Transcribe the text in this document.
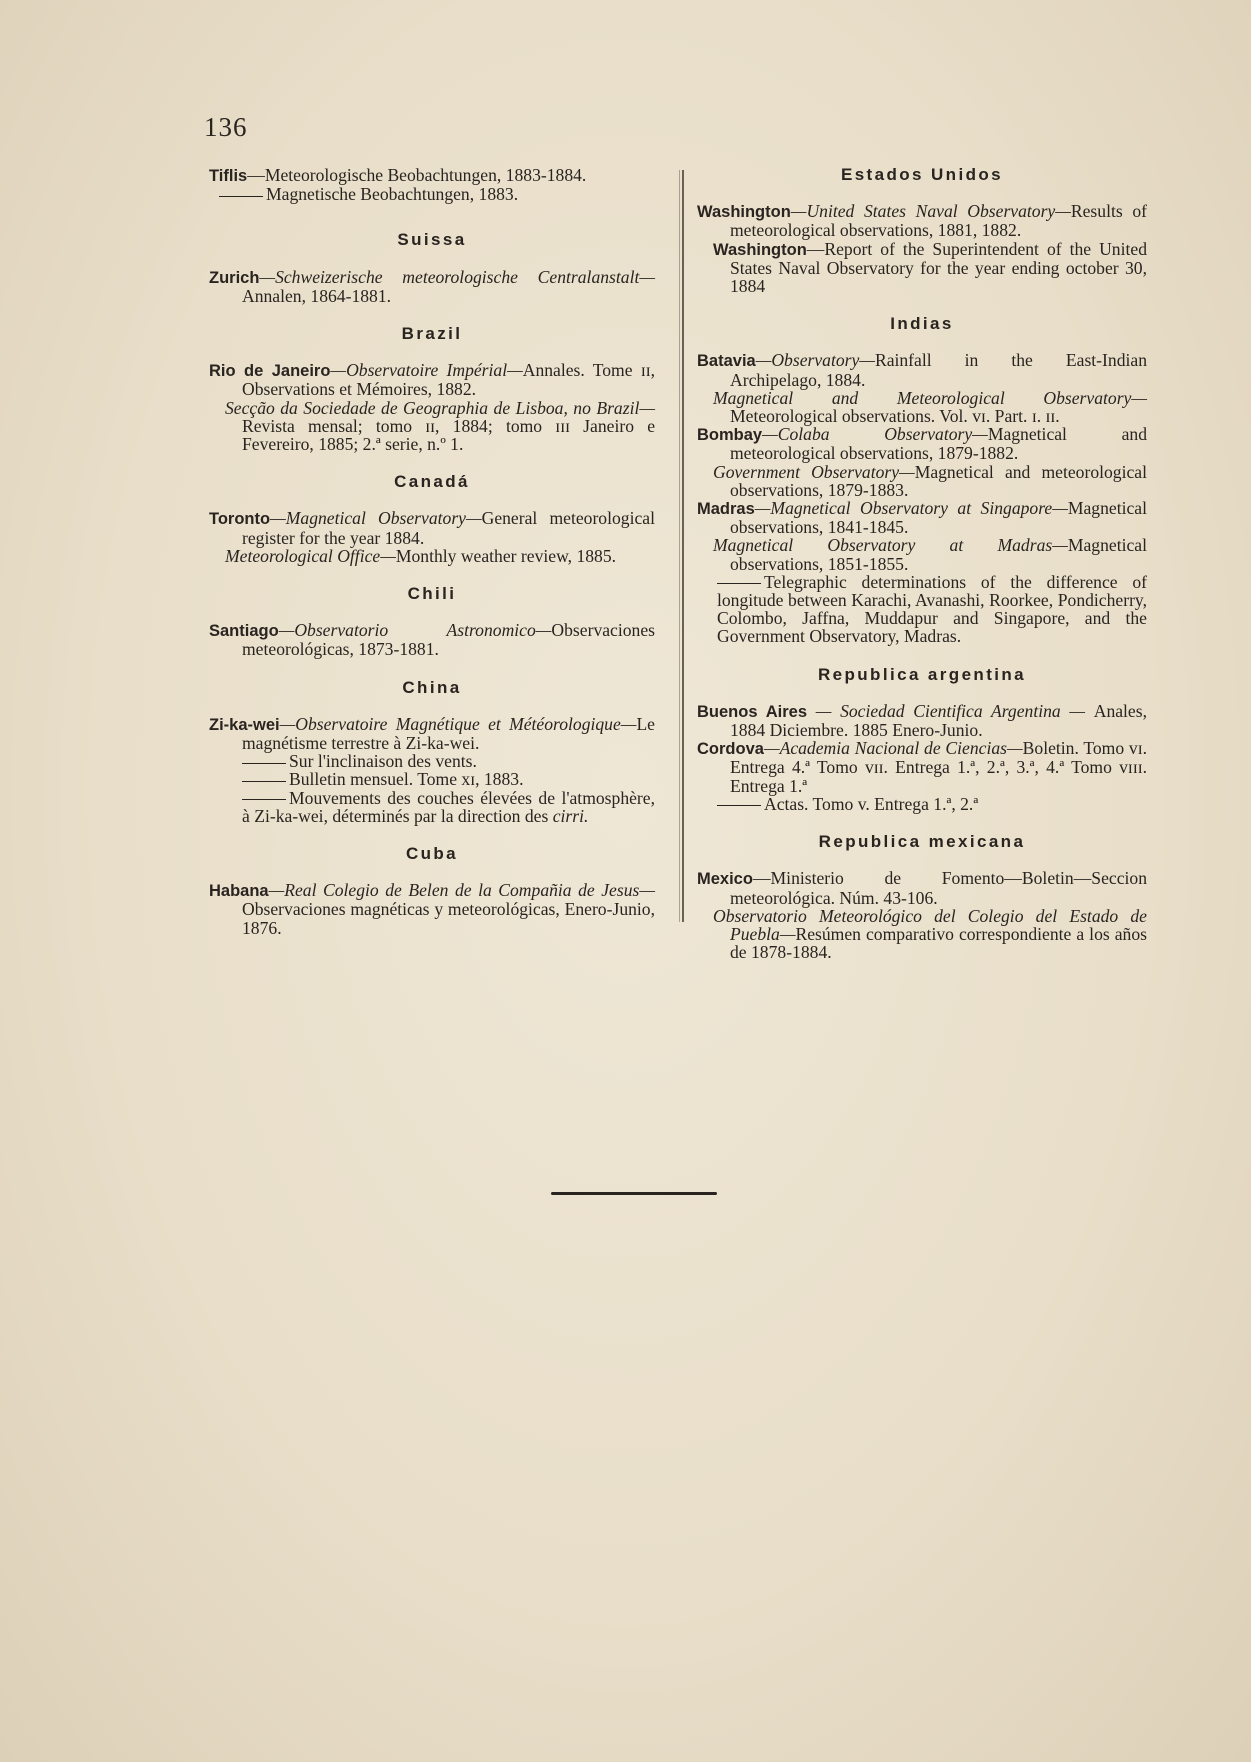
136
Tiflis—Meteorologische Beobachtungen, 1883-1884.
Magnetische Beobachtungen, 1883.
Suissa
Zurich—Schweizerische meteorologische Centralanstalt—Annalen, 1864-1881.
Brazil
Rio de Janeiro—Observatoire Impérial—Annales. Tome ɪɪ, Observations et Mémoires, 1882.
Secção da Sociedade de Geographia de Lisboa, no Brazil—Revista mensal; tomo ɪɪ, 1884; tomo ɪɪɪ Janeiro e Fevereiro, 1885; 2.ª serie, n.º 1.
Canadá
Toronto—Magnetical Observatory—General meteorological register for the year 1884.
Meteorological Office—Monthly weather review, 1885.
Chili
Santiago—Observatorio Astronomico—Observaciones meteorológicas, 1873-1881.
China
Zi-ka-wei—Observatoire Magnétique et Météorologique—Le magnétisme terrestre à Zi-ka-wei.
Sur l'inclinaison des vents.
Bulletin mensuel. Tome xɪ, 1883.
Mouvements des couches élevées de l'atmosphère, à Zi-ka-wei, déterminés par la direction des cirri.
Cuba
Habana—Real Colegio de Belen de la Compañia de Jesus—Observaciones magnéticas y meteorológicas, Enero-Junio, 1876.
Estados Unidos
Washington—United States Naval Observatory—Results of meteorological observations, 1881, 1882.
Washington—Report of the Superintendent of the United States Naval Observatory for the year ending october 30, 1884
Indias
Batavia—Observatory—Rainfall in the East-Indian Archipelago, 1884.
Magnetical and Meteorological Observatory—Meteorological observations. Vol. vɪ. Part. ɪ. ɪɪ.
Bombay—Colaba Observatory—Magnetical and meteorological observations, 1879-1882.
Government Observatory—Magnetical and meteorological observations, 1879-1883.
Madras—Magnetical Observatory at Singapore—Magnetical observations, 1841-1845.
Magnetical Observatory at Madras—Magnetical observations, 1851-1855.
Telegraphic determinations of the difference of longitude between Karachi, Avanashi, Roorkee, Pondicherry, Colombo, Jaffna, Muddapur and Singapore, and the Government Observatory, Madras.
Republica argentina
Buenos Aires — Sociedad Cientifica Argentina — Anales, 1884 Diciembre. 1885 Enero-Junio.
Cordova—Academia Nacional de Ciencias—Boletin. Tomo vɪ. Entrega 4.ª Tomo vɪɪ. Entrega 1.ª, 2.ª, 3.ª, 4.ª Tomo vɪɪɪ. Entrega 1.ª
Actas. Tomo v. Entrega 1.ª, 2.ª
Republica mexicana
Mexico—Ministerio de Fomento—Boletin—Seccion meteorológica. Núm. 43-106.
Observatorio Meteorológico del Colegio del Estado de Puebla—Resúmen comparativo correspondiente a los años de 1878-1884.
